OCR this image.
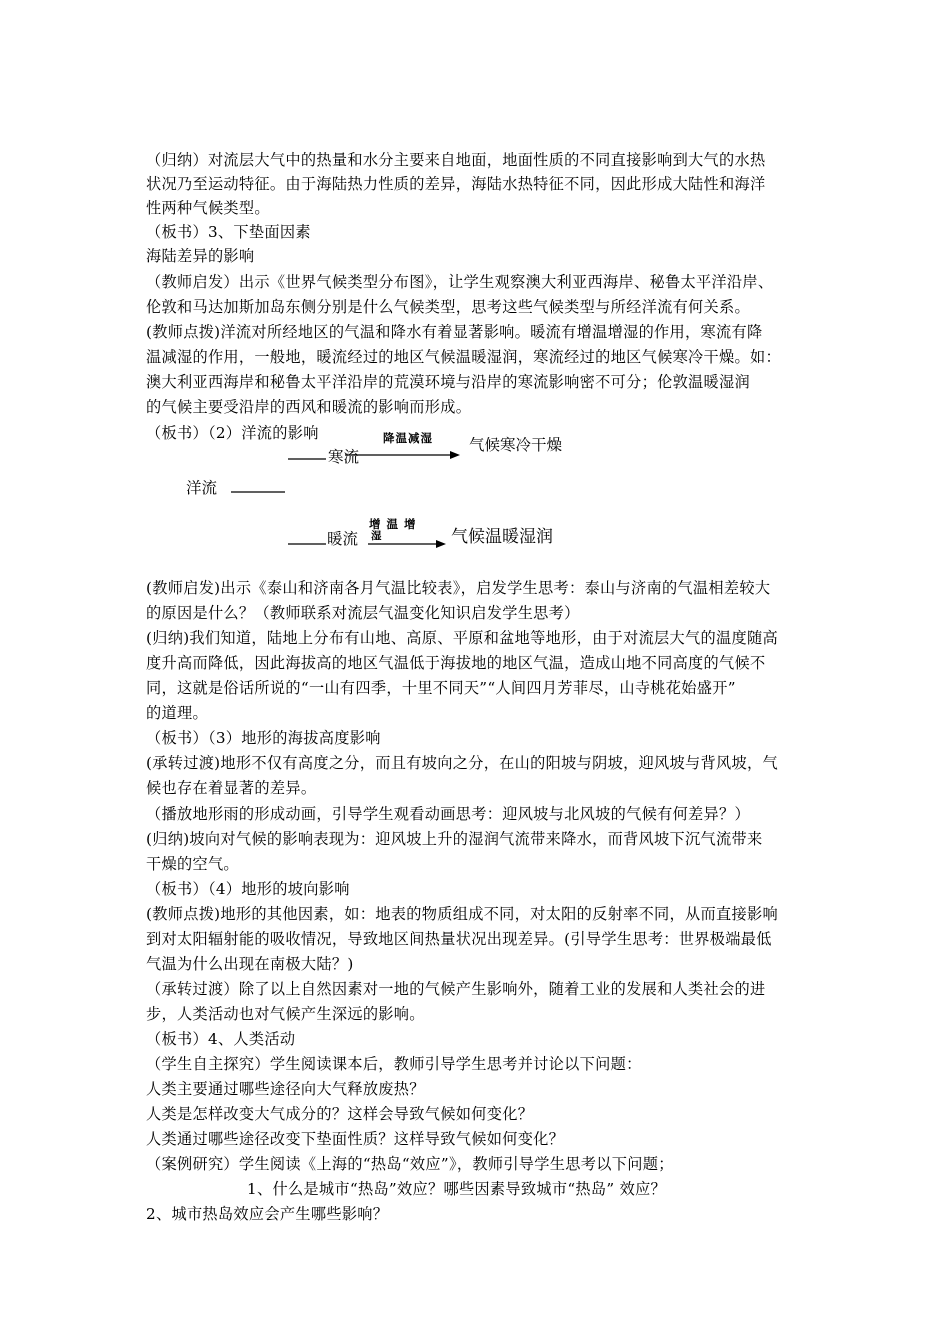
（归纳）对流层大气中的热量和水分主要来自地面，地面性质的不同直接影响到大气的水热
状况乃至运动特征。由于海陆热力性质的差异，海陆水热特征不同，因此形成大陆性和海洋
性两种气候类型。
（板书）3、下垫面因素
海陆差异的影响
（教师启发）出示《世界气候类型分布图》，让学生观察澳大利亚西海岸、秘鲁太平洋沿岸、
伦敦和马达加斯加岛东侧分别是什么气候类型，思考这些气候类型与所经洋流有何关系。
(教师点拨)洋流对所经地区的气温和降水有着显著影响。暖流有增温增湿的作用，寒流有降
温减湿的作用，一般地，暖流经过的地区气候温暖湿润，寒流经过的地区气候寒冷干燥。如：
澳大利亚西海岸和秘鲁太平洋沿岸的荒漠环境与沿岸的寒流影响密不可分；伦敦温暖湿润
的气候主要受沿岸的西风和暖流的影响而形成。
（板书）（2）洋流的影响	降温减湿
寒流
气候寒冷干燥
洋流
增 温 增
湿
暖流	气候温暖湿润
(教师启发)出示《泰山和济南各月气温比较表》，启发学生思考：泰山与济南的气温相差较大
的原因是什么？（教师联系对流层气温变化知识启发学生思考）
(归纳)我们知道，陆地上分布有山地、高原、平原和盆地等地形，由于对流层大气的温度随高
度升高而降低，因此海拔高的地区气温低于海拔地的地区气温，造成山地不同高度的气候不
同，这就是俗话所说的“一山有四季，十里不同天”“人间四月芳菲尽，山寺桃花始盛开”
的道理。
（板书）（3）地形的海拔高度影响
(承转过渡)地形不仅有高度之分，而且有坡向之分，在山的阳坡与阴坡，迎风坡与背风坡，气
候也存在着显著的差异。
（播放地形雨的形成动画，引导学生观看动画思考：迎风坡与北风坡的气候有何差异？）
(归纳)坡向对气候的影响表现为：迎风坡上升的湿润气流带来降水，而背风坡下沉气流带来
干燥的空气。
（板书）（4）地形的坡向影响
(教师点拨)地形的其他因素，如：地表的物质组成不同，对太阳的反射率不同，从而直接影响
到对太阳辐射能的吸收情况，导致地区间热量状况出现差异。(引导学生思考：世界极端最低
气温为什么出现在南极大陆？)
（承转过渡）除了以上自然因素对一地的气候产生影响外，随着工业的发展和人类社会的进
步，人类活动也对气候产生深远的影响。
（板书）4、人类活动
（学生自主探究）学生阅读课本后，教师引导学生思考并讨论以下问题：
人类主要通过哪些途径向大气释放废热？
人类是怎样改变大气成分的？这样会导致气候如何变化？
人类通过哪些途径改变下垫面性质？这样导致气候如何变化？
（案例研究）学生阅读《上海的“热岛“效应”》，教师引导学生思考以下问题；
1、什么是城市“热岛”效应？哪些因素导致城市“热岛” 效应？
2、城市热岛效应会产生哪些影响？
